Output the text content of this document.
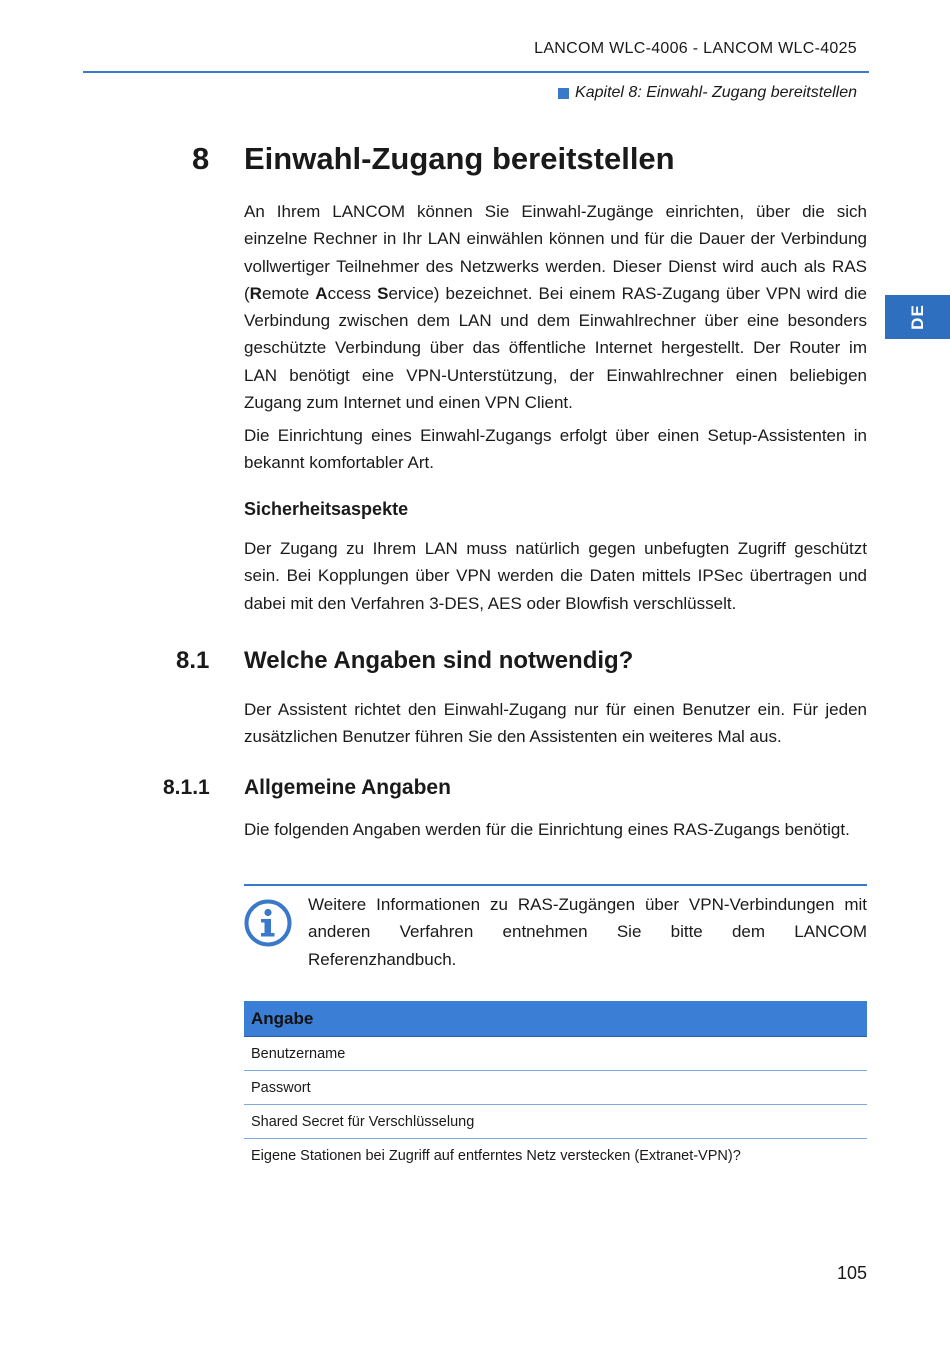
LANCOM WLC-4006 - LANCOM WLC-4025
Kapitel 8: Einwahl- Zugang bereitstellen
DE
8 Einwahl-Zugang bereitstellen
An Ihrem LANCOM können Sie Einwahl-Zugänge einrichten, über die sich einzelne Rechner in Ihr LAN einwählen können und für die Dauer der Verbindung vollwertiger Teilnehmer des Netzwerks werden. Dieser Dienst wird auch als RAS (Remote Access Service) bezeichnet. Bei einem RAS-Zugang über VPN wird die Verbindung zwischen dem LAN und dem Einwahlrechner über eine besonders geschützte Verbindung über das öffentliche Internet hergestellt. Der Router im LAN benötigt eine VPN-Unterstützung, der Einwahlrechner einen beliebigen Zugang zum Internet und einen VPN Client.
Die Einrichtung eines Einwahl-Zugangs erfolgt über einen Setup-Assistenten in bekannt komfortabler Art.
Sicherheitsaspekte
Der Zugang zu Ihrem LAN muss natürlich gegen unbefugten Zugriff geschützt sein. Bei Kopplungen über VPN werden die Daten mittels IPSec übertragen und dabei mit den Verfahren 3-DES, AES oder Blowfish verschlüsselt.
8.1 Welche Angaben sind notwendig?
Der Assistent richtet den Einwahl-Zugang nur für einen Benutzer ein. Für jeden zusätzlichen Benutzer führen Sie den Assistenten ein weiteres Mal aus.
8.1.1 Allgemeine Angaben
Die folgenden Angaben werden für die Einrichtung eines RAS-Zugangs benötigt.
Weitere Informationen zu RAS-Zugängen über VPN-Verbindungen mit anderen Verfahren entnehmen Sie bitte dem LANCOM Referenzhandbuch.
Angabe
Benutzername
Passwort
Shared Secret für Verschlüsselung
Eigene Stationen bei Zugriff auf entferntes Netz verstecken (Extranet-VPN)?
105
